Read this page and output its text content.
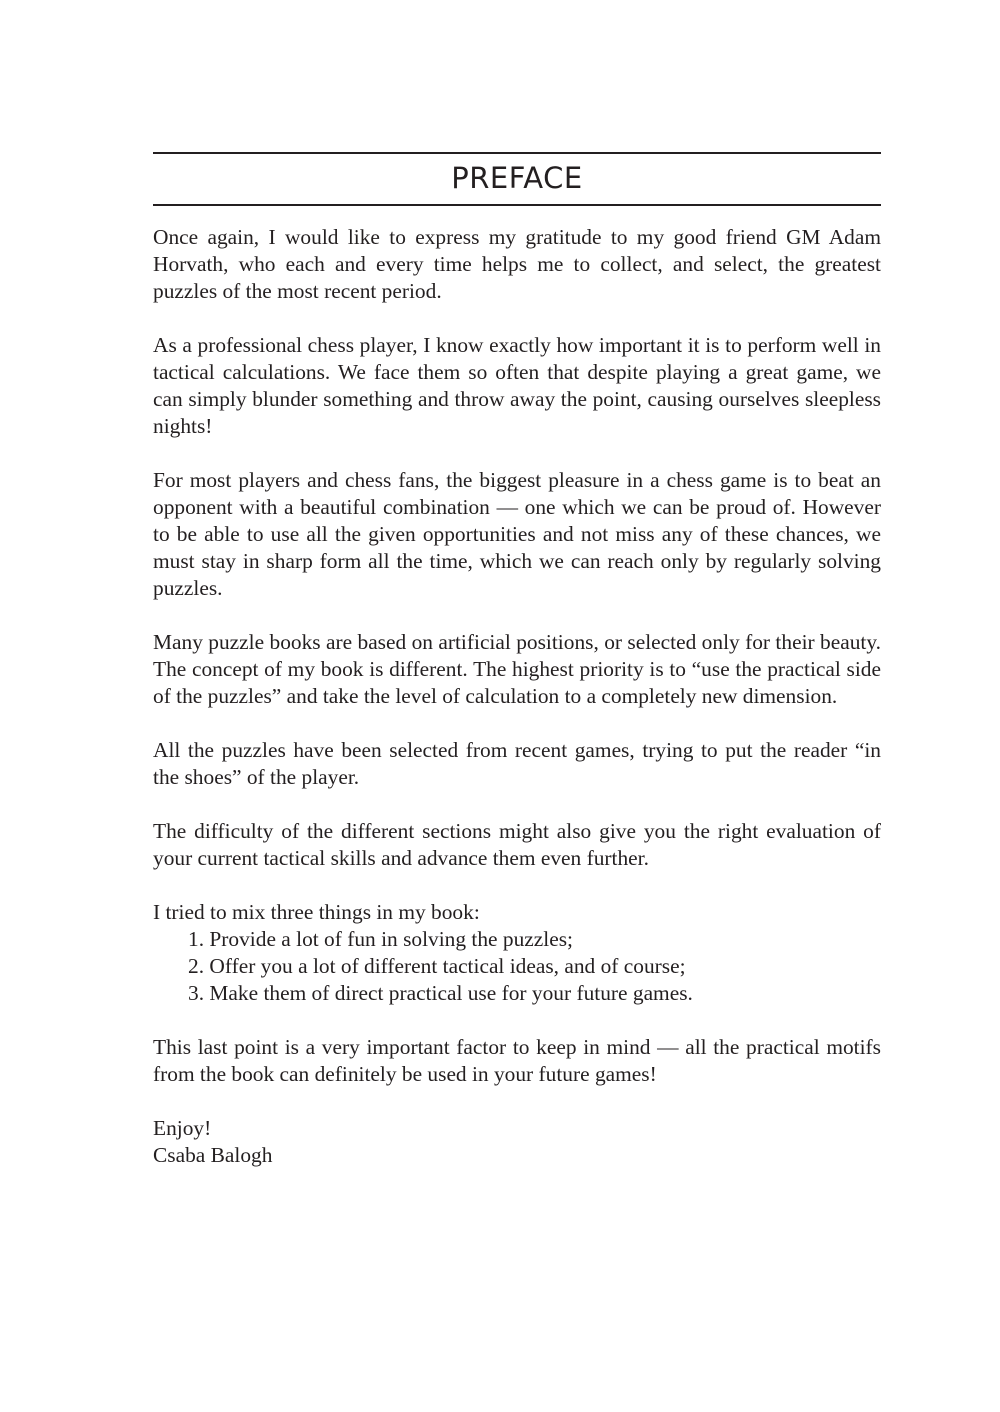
PREFACE

Once again, I would like to express my gratitude to my good friend GM Adam Horvath, who each and every time helps me to collect, and select, the greatest puzzles of the most recent period.

As a professional chess player, I know exactly how important it is to perform well in tactical calculations. We face them so often that despite playing a great game, we can simply blunder something and throw away the point, causing ourselves sleepless nights!

For most players and chess fans, the biggest pleasure in a chess game is to beat an opponent with a beautiful combination — one which we can be proud of. However to be able to use all the given opportunities and not miss any of these chances, we must stay in sharp form all the time, which we can reach only by regularly solving puzzles.

Many puzzle books are based on artificial positions, or selected only for their beauty. The concept of my book is different. The highest priority is to “use the practical side of the puzzles” and take the level of calculation to a completely new dimension.

All the puzzles have been selected from recent games, trying to put the reader “in the shoes” of the player.

The difficulty of the different sections might also give you the right evaluation of your current tactical skills and advance them even further.

I tried to mix three things in my book:

1. Provide a lot of fun in solving the puzzles;
2. Offer you a lot of different tactical ideas, and of course;
3. Make them of direct practical use for your future games.

This last point is a very important factor to keep in mind — all the practical motifs from the book can definitely be used in your future games!

Enjoy!

Csaba Balogh
